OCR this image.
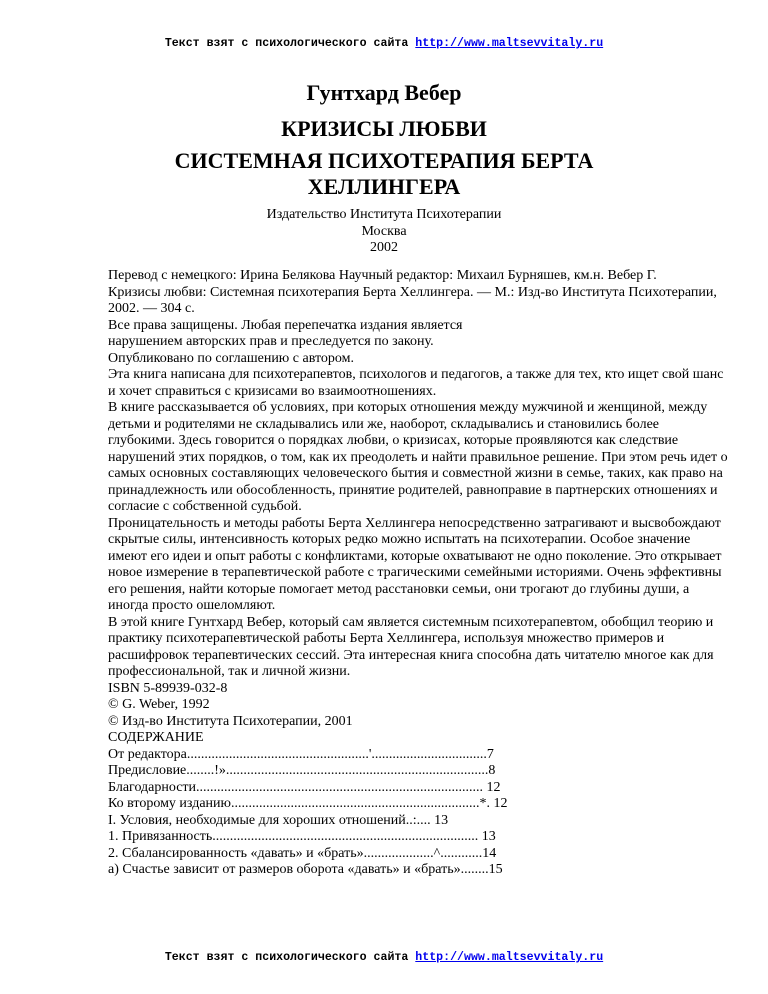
Текст взят с психологического сайта http://www.maltsevvitaly.ru
Гунтхард Вебер
КРИЗИСЫ ЛЮБВИ
СИСТЕМНАЯ ПСИХОТЕРАПИЯ БЕРТА ХЕЛЛИНГЕРА
Издательство Института Психотерапии
Москва
2002

Перевод с немецкого: Ирина Белякова Научный редактор: Михаил Бурняшев, км.н. Вебер Г.

Кризисы любви: Системная психотерапия Берта Хеллингера. — М.: Изд-во Института Психотерапии, 2002. — 304 с.

Все права защищены. Любая перепечатка издания является

нарушением авторских прав и преследуется по закону.

Опубликовано по соглашению с автором.

Эта книга написана для психотерапевтов, психологов и педагогов, а также для тех, кто ищет свой шанс и хочет справиться с кризисами во взаимоотношениях.

В книге рассказывается об условиях, при которых отношения между мужчиной и женщиной, между детьми и родителями не складывались или же, наоборот, складывались и становились более глубокими. Здесь говорится о порядках любви, о кризисах, которые проявляются как следствие нарушений этих порядков, о том, как их преодолеть и найти правильное решение. При этом речь идет о самых основных составляющих человеческого бытия и совместной жизни в семье, таких, как право на принадлежность или обособленность, принятие родителей, равноправие в партнерских отношениях и согласие с собственной судьбой.

Проницательность и методы работы Берта Хеллингера непосредственно затрагивают и высвобождают скрытые силы, интенсивность которых редко можно испытать на психотерапии. Особое значение имеют его идеи и опыт работы с конфликтами, которые охватывают не одно поколение. Это открывает новое измерение в терапевтической работе с трагическими семейными историями. Очень эффективны его решения, найти которые помогает метод расстановки семьи, они трогают до глубины души, а иногда просто ошеломляют.

В этой книге Гунтхард Вебер, который сам является системным психотерапевтом, обобщил теорию и практику психотерапевтической работы Берта Хеллингера, используя множество примеров и расшифровок терапевтических сессий. Эта интересная книга способна дать читателю многое как для профессиональной, так и личной жизни.

ISBN 5-89939-032-8

© G. Weber, 1992

© Изд-во Института Психотерапии, 2001

СОДЕРЖАНИЕ

От редактора....................................................'.................................7

Предисловие........!»...........................................................................8

Благодарности.................................................................................. 12

Ко второму изданию.......................................................................*. 12

I. Условия, необходимые для хороших отношений..:.... 13

1. Привязанность............................................................................ 13

2. Сбалансированность «давать» и «брать»....................^............14

а) Счастье зависит от размеров оборота «давать» и «брать»........15

Текст взят с психологического сайта http://www.maltsevvitaly.ru
